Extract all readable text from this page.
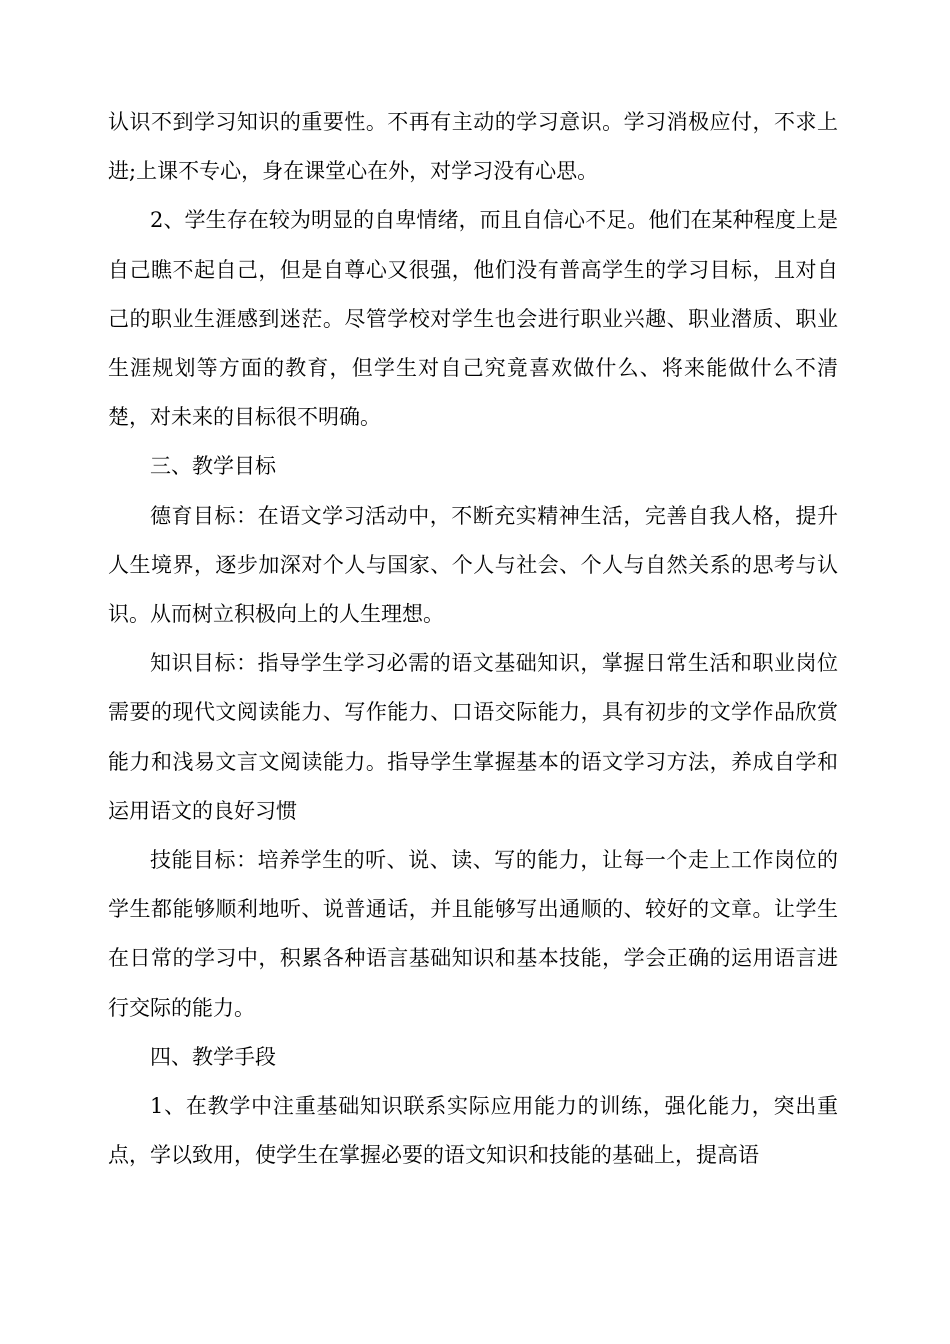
认识不到学习知识的重要性。不再有主动的学习意识。学习消极应付，不求上进;上课不专心，身在课堂心在外，对学习没有心思。

2、学生存在较为明显的自卑情绪，而且自信心不足。他们在某种程度上是自己瞧不起自己，但是自尊心又很强，他们没有普高学生的学习目标，且对自己的职业生涯感到迷茫。尽管学校对学生也会进行职业兴趣、职业潜质、职业生涯规划等方面的教育，但学生对自己究竟喜欢做什么、将来能做什么不清楚，对未来的目标很不明确。

三、教学目标

德育目标：在语文学习活动中，不断充实精神生活，完善自我人格，提升人生境界，逐步加深对个人与国家、个人与社会、个人与自然关系的思考与认识。从而树立积极向上的人生理想。

知识目标：指导学生学习必需的语文基础知识，掌握日常生活和职业岗位需要的现代文阅读能力、写作能力、口语交际能力，具有初步的文学作品欣赏能力和浅易文言文阅读能力。指导学生掌握基本的语文学习方法，养成自学和运用语文的良好习惯

技能目标：培养学生的听、说、读、写的能力，让每一个走上工作岗位的学生都能够顺利地听、说普通话，并且能够写出通顺的、较好的文章。让学生在日常的学习中，积累各种语言基础知识和基本技能，学会正确的运用语言进行交际的能力。

四、教学手段

1、在教学中注重基础知识联系实际应用能力的训练，强化能力，突出重点，学以致用，使学生在掌握必要的语文知识和技能的基础上，提高语
